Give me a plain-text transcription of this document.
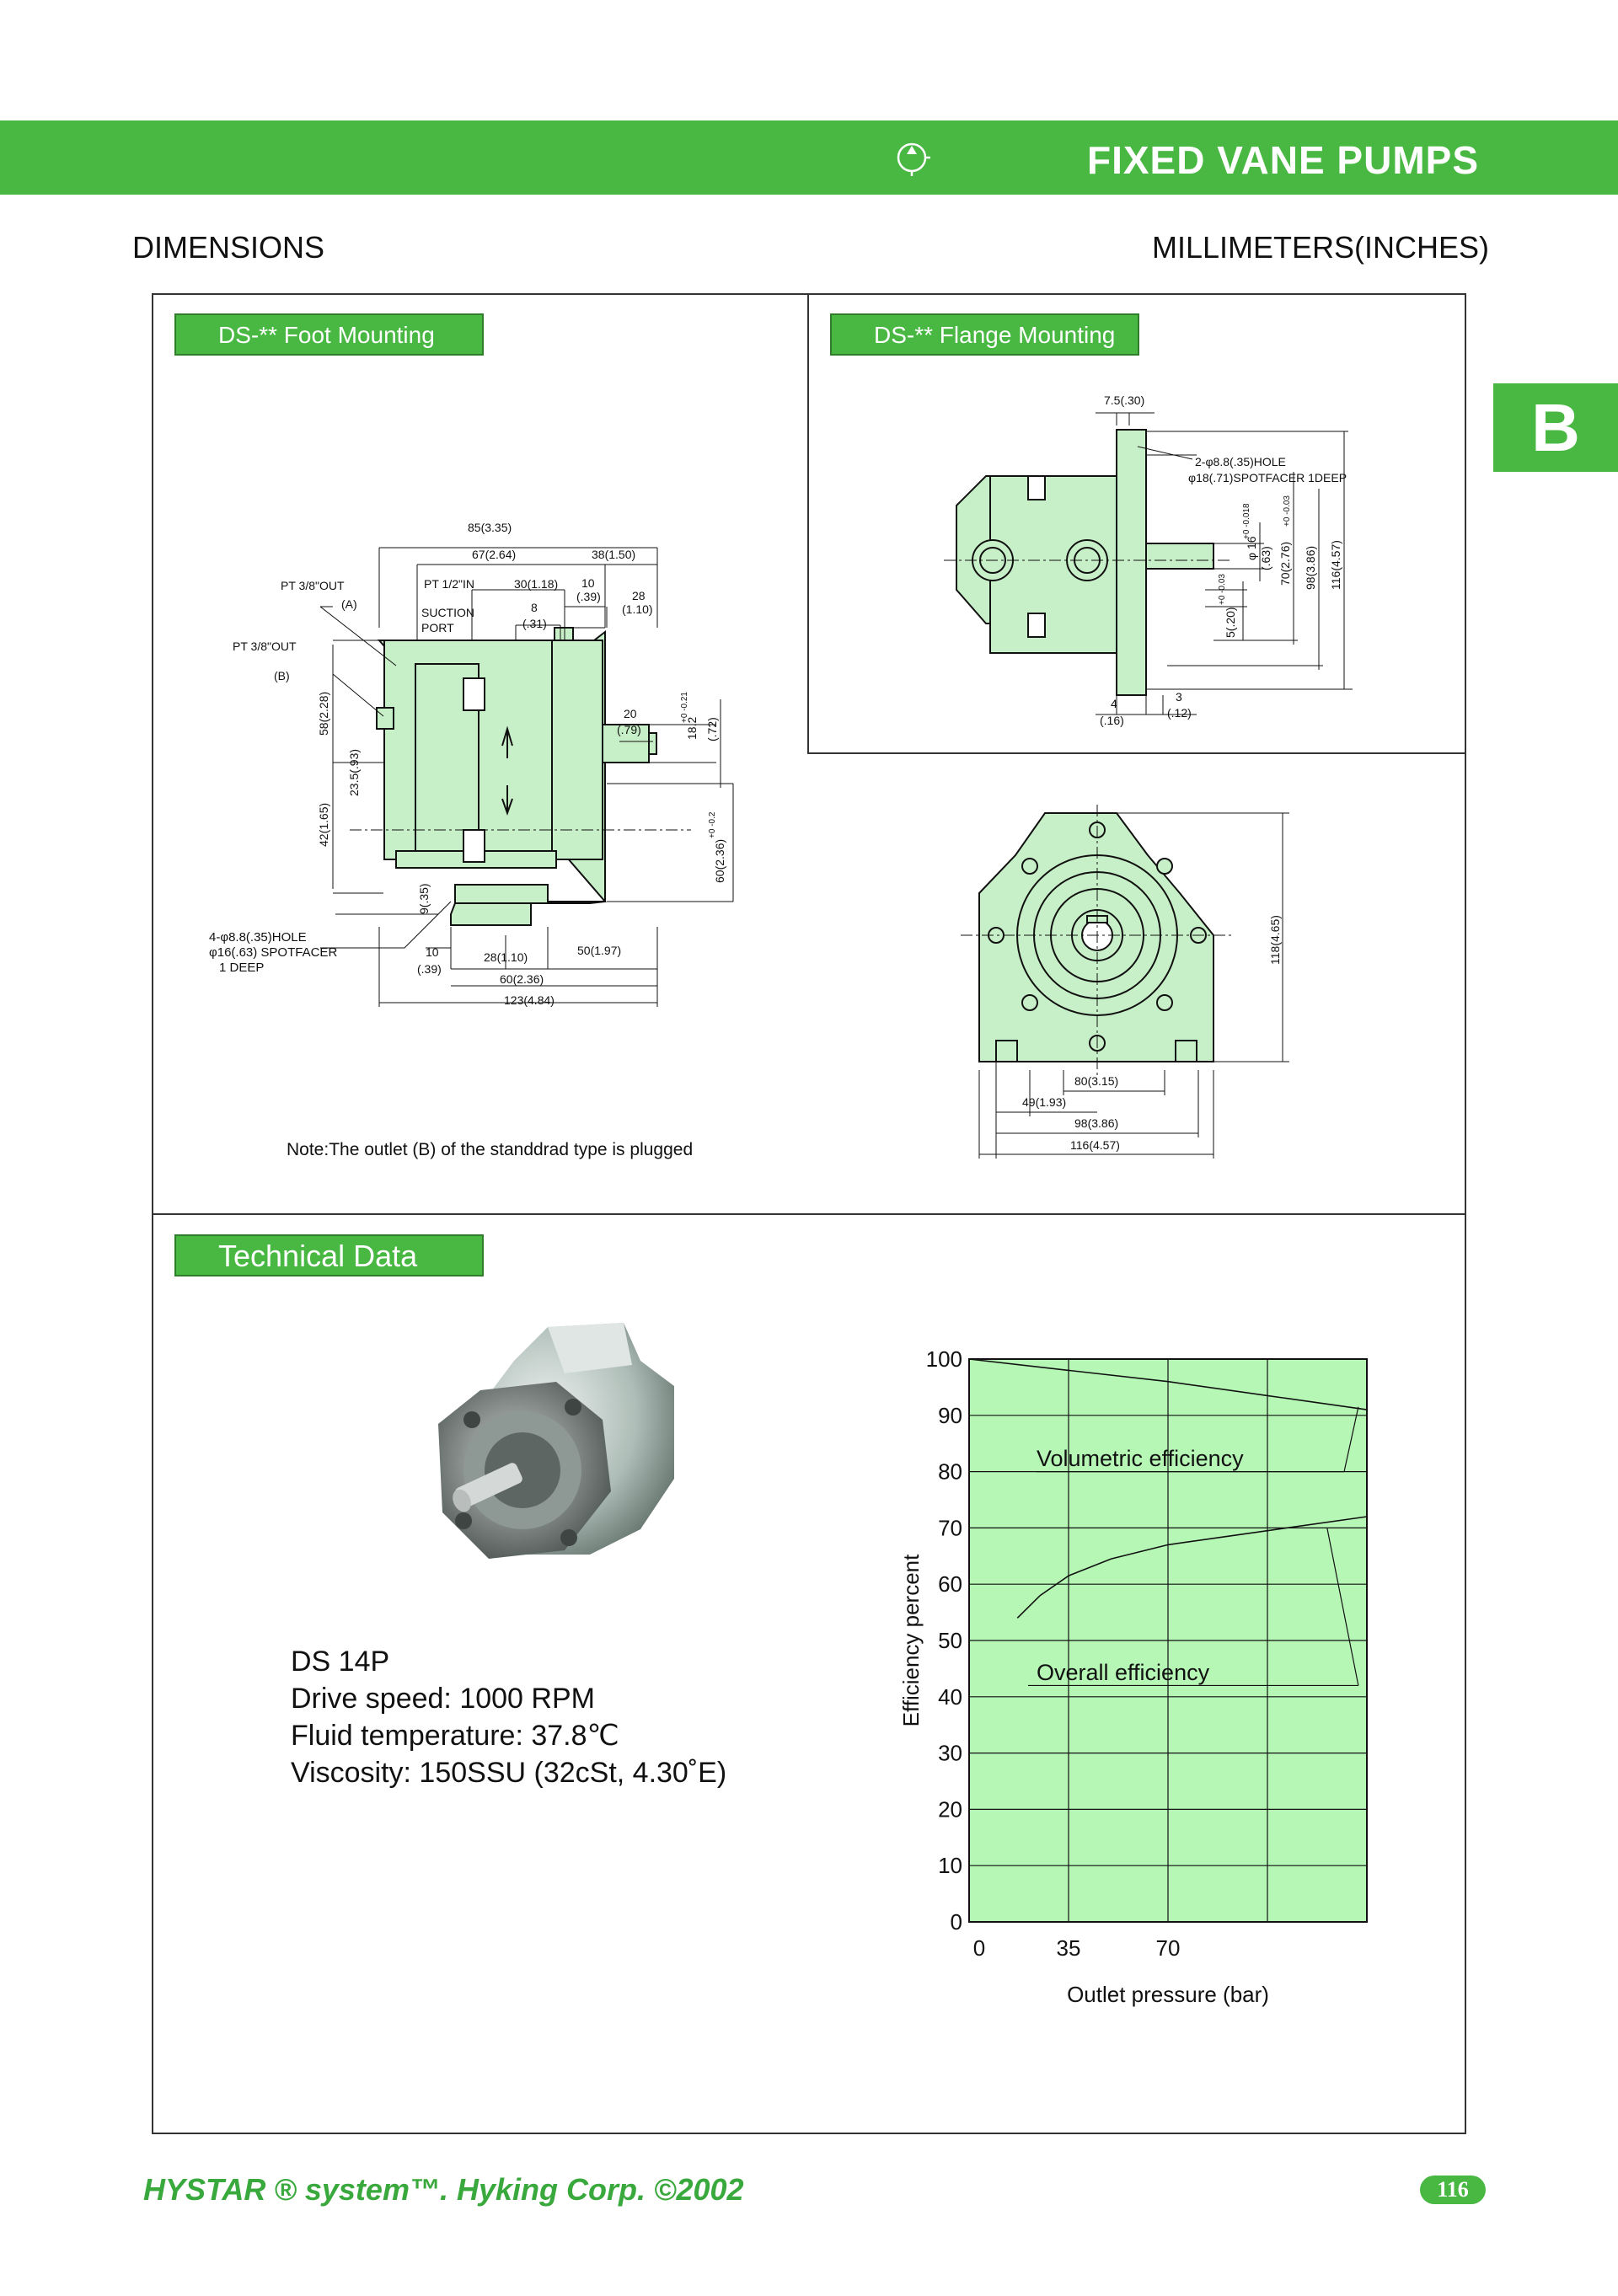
FIXED VANE PUMPS
DIMENSIONS	MILLIMETERS(INCHES)
B
DS-** Foot Mounting	DS-** Flange Mounting
Technical Data
85(3.35)
67(2.64)	38(1.50)
PT 1/2"IN	30(1.18) 10
(.39)	28
(1.10)
SUCTION
PORT
8
(.31)
PT 3/8"OUT
(A)
PT 3/8"OUT
(B)
20
(.79)
4-φ8.8(.35)HOLE
φ16(.63) SPOTFACER
1 DEEP
10
(.39)
28(1.10)	50(1.97)
60(2.36)
123(4.84)
58(2.28)
23.5(.93)
42(1.65)
9(.35)
18.2
+0 -0.21
(.72)
60(2.36)
+0 -0.2
Note:The outlet (B) of the standdrad type is plugged
7.5(.30)
2-φ8.8(.35)HOLE
φ18(.71)SPOTFACER 1DEEP
4
(.16)
3
(.12)
φ 16 (.63)
+0 -0.018
70(2.76)
+0 -0.03
98(3.86) 116(4.57)
5(.20)
+0 -0.03
118(4.65)
80(3.15)
49(1.93)
98(3.86)
116(4.57)
DS 14P
Drive speed: 1000 RPM
Fluid temperature: 37.8℃
Viscosity: 150SSU (32cSt, 4.30˚E)
0
10
20
30
40
50
60
70
80
90
100
0	35	70
Outlet pressure (bar)
Efficiency percent
Volumetric efficiency
Overall efficiency
HYSTAR ® system™. Hyking Corp. ©2002	116
